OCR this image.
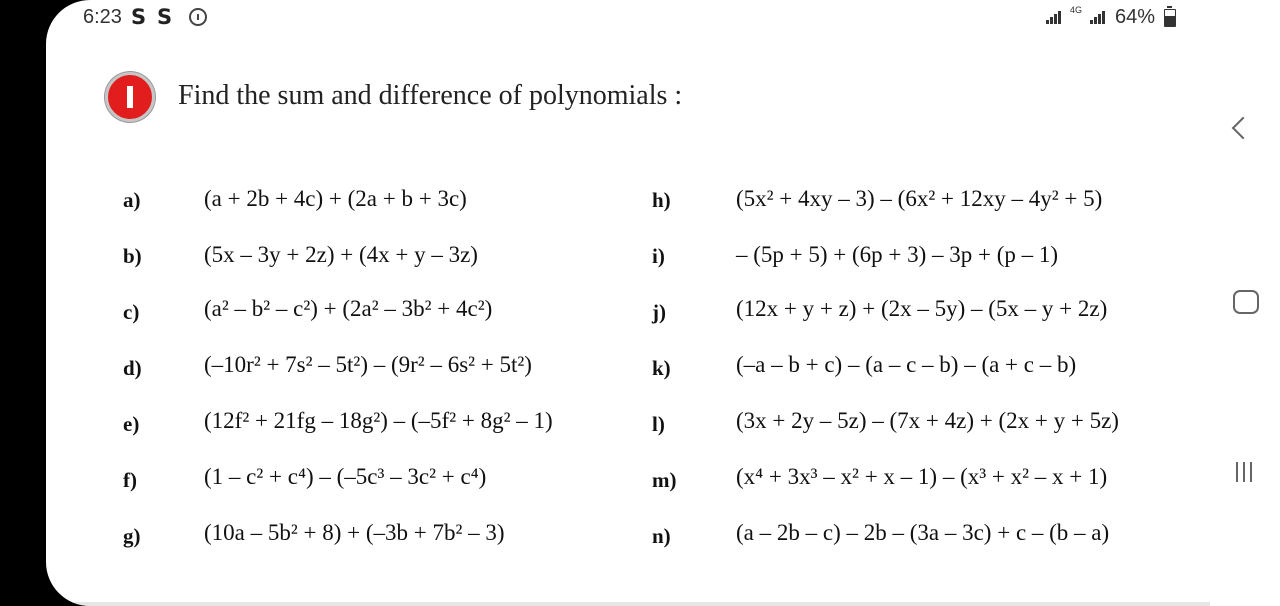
6:23 S S	4G 64%
Find the sum and difference of polynomials :
a)	(a + 2b + 4c) + (2a + b + 3c)
b)	(5x – 3y + 2z) + (4x + y – 3z)
c)	(a² – b² – c²) + (2a² – 3b² + 4c²)
d)	(–10r² + 7s² – 5t²) – (9r² – 6s² + 5t²)
e)	(12f² + 21fg – 18g²) – (–5f² + 8g² – 1)
f)	(1 – c² + c⁴) – (–5c³ – 3c² + c⁴)
g)	(10a – 5b² + 8) + (–3b + 7b² – 3)
h)	(5x² + 4xy – 3) – (6x² + 12xy – 4y² + 5)
i)	– (5p + 5) + (6p + 3) – 3p + (p – 1)
j)	(12x + y + z) + (2x – 5y) – (5x – y + 2z)
k)	(–a – b + c) – (a – c – b) – (a + c – b)
l)	(3x + 2y – 5z) – (7x + 4z) + (2x + y + 5z)
m)	(x⁴ + 3x³ – x² + x – 1) – (x³ + x² – x + 1)
n)	(a – 2b – c) – 2b – (3a – 3c) + c – (b – a)
